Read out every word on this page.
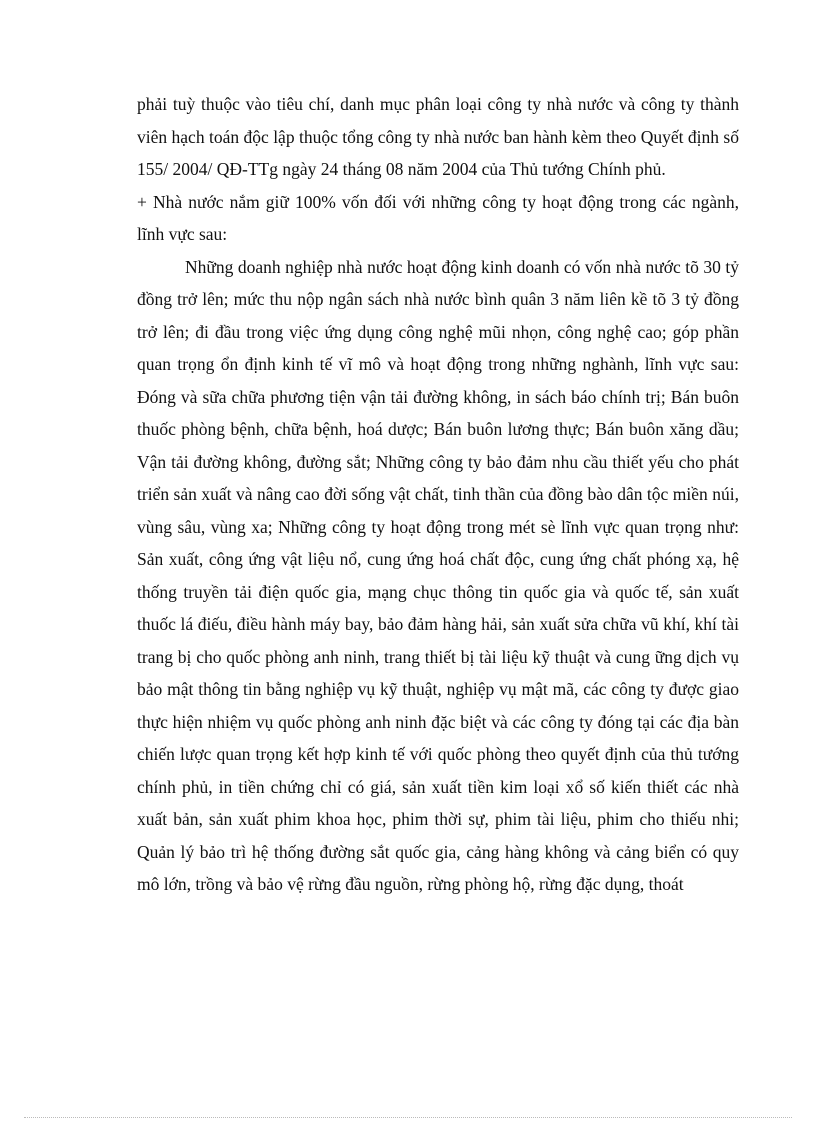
phải tuỳ thuộc vào tiêu chí, danh mục phân loại công ty nhà nước và công ty thành viên hạch toán độc lập thuộc tổng công ty nhà nước ban hành kèm theo Quyết định số 155/ 2004/ QĐ-TTg ngày 24 tháng 08 năm 2004 của Thủ tướng Chính phủ.

+ Nhà nước nắm giữ 100% vốn đối với những công ty hoạt động trong các ngành, lĩnh vực sau:

Những doanh nghiệp nhà nước hoạt động kinh doanh có vốn nhà nước tõ 30 tỷ đồng trở lên; mức thu nộp ngân sách nhà nước bình quân 3 năm liên kề tõ 3 tỷ đồng trở lên; đi đầu trong việc ứng dụng công nghệ mũi nhọn, công nghệ cao; góp phần quan trọng ổn định kinh tế vĩ mô và hoạt động trong những nghành, lĩnh vực sau: Đóng và sữa chữa phương tiện vận tải đường không, in sách báo chính trị; Bán buôn thuốc phòng bệnh, chữa bệnh, hoá dược; Bán buôn lương thực; Bán buôn xăng dầu; Vận tải đường không, đường sắt; Những công ty bảo đảm nhu cầu thiết yếu cho phát triển sản xuất và nâng cao đời sống vật chất, tinh thần của đồng bào dân tộc miền núi, vùng sâu, vùng xa; Những công ty hoạt động trong mét sè lĩnh vực quan trọng như: Sản xuất, công ứng vật liệu nổ, cung ứng hoá chất độc, cung ứng chất phóng xạ, hệ thống truyền tải điện quốc gia, mạng chục thông tin quốc gia và quốc tế, sản xuất thuốc lá điếu, điều hành máy bay, bảo đảm hàng hải, sản xuất sửa chữa vũ khí, khí tài trang bị cho quốc phòng anh ninh, trang thiết bị tài liệu kỹ thuật và cung ững dịch vụ bảo mật thông tin bằng nghiệp vụ kỹ thuật, nghiệp vụ mật mã, các công ty được giao thực hiện nhiệm vụ quốc phòng anh ninh đặc biệt và các công ty đóng tại các địa bàn chiến lược quan trọng kết hợp kinh tế với quốc phòng theo quyết định của thủ tướng chính phủ, in tiền chứng chỉ có giá, sản xuất tiền kim loại xổ số kiến thiết các nhà xuất bản, sản xuất phim khoa học, phim thời sự, phim tài liệu, phim cho thiếu nhi; Quản lý bảo trì hệ thống đường sắt quốc gia, cảng hàng không và cảng biển có quy mô lớn, trồng và bảo vệ rừng đầu nguồn, rừng phòng hộ, rừng đặc dụng, thoát
